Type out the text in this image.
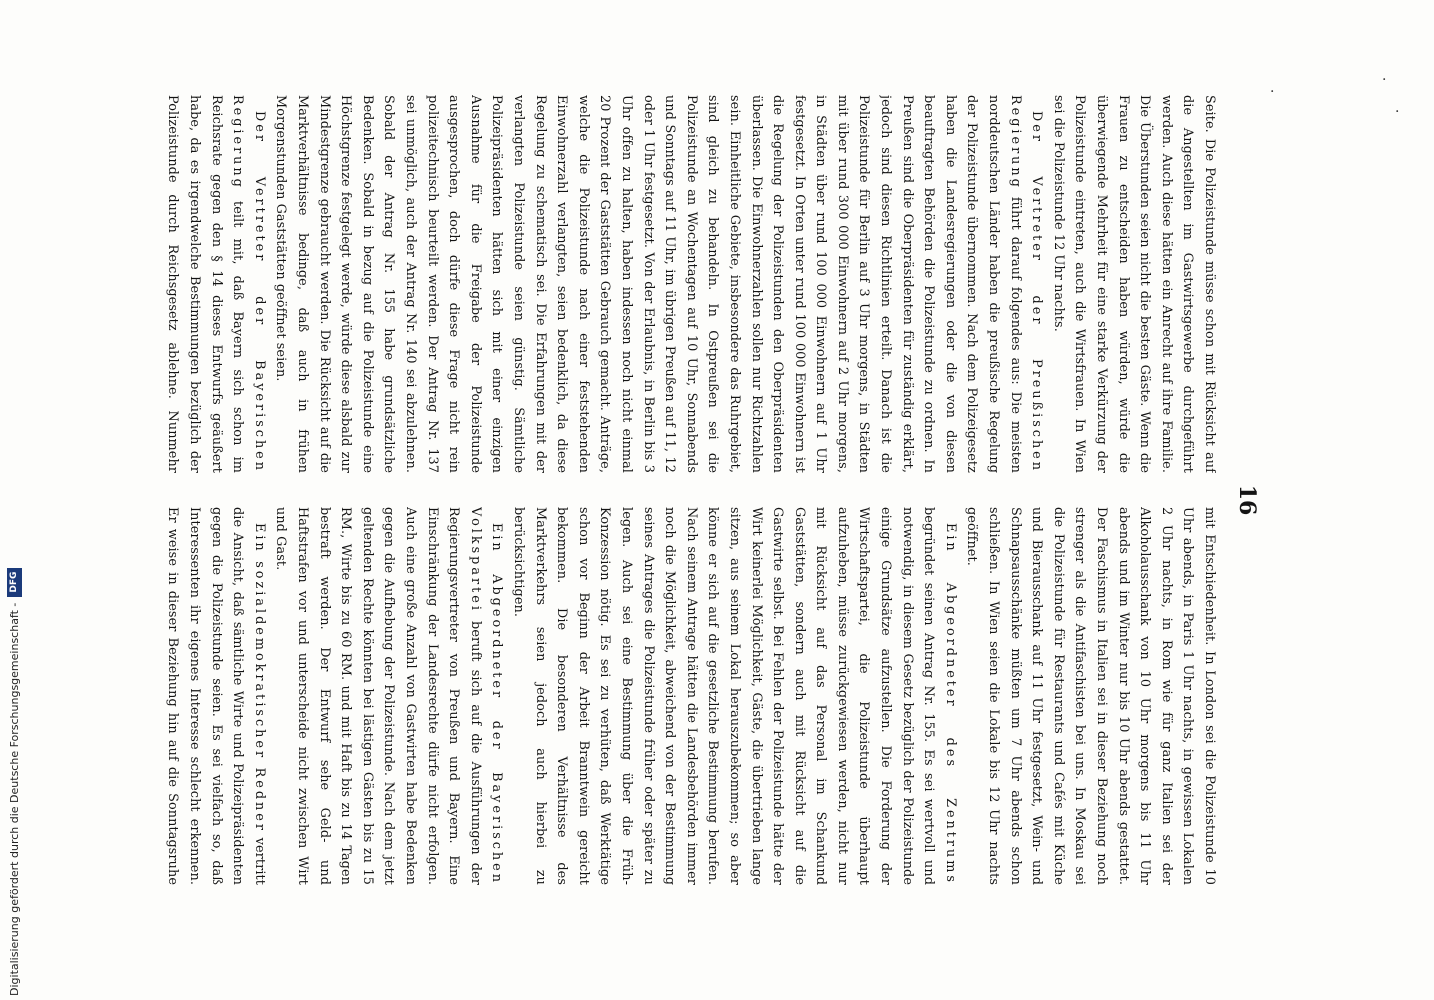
16

Seite. Die Polizeistunde müsse schon mit Rücksicht auf die Angestellten im Gastwirtsgewerbe durchgeführt werden. Auch diese hätten ein Anrecht auf ihre Familie. Die Überstunden seien nicht die besten Gäste. Wenn die Frauen zu entscheiden haben würden, würde die überwiegende Mehrheit für eine starke Verkürzung der Polizeistunde eintreten, auch die Wirtsfrauen. In Wien sei die Polizeistunde 12 Uhr nachts.

Der Vertreter der Preußischen Regierung führt darauf folgendes aus: Die meisten norddeutschen Länder haben die preußische Regelung der Polizeistunde übernommen. Nach dem Polizeigesetz haben die Landesregierungen oder die von diesen beauftragten Behörden die Polizeistunde zu ordnen. In Preußen sind die Oberpräsidenten für zuständig erklärt, jedoch sind diesen Richtlinien erteilt. Danach ist die Polizeistunde für Berlin auf 3 Uhr morgens, in Städten mit über rund 300 000 Einwohnern auf 2 Uhr morgens, in Städten über rund 100 000 Einwohnern auf 1 Uhr festgesetzt. In Orten unter rund 100 000 Einwohnern ist die Regelung der Polizeistunden den Oberpräsidenten überlassen. Die Einwohnerzahlen sollen nur Richtzahlen sein. Einheitliche Gebiete, insbesondere das Ruhrgebiet, sind gleich zu behandeln. In Ostpreußen sei die Polizeistunde an Wochentagen auf 10 Uhr, Sonnabends und Sonntags auf 11 Uhr, im übrigen Preußen auf 11, 12 oder 1 Uhr festgesetzt. Von der Erlaubnis, in Berlin bis 3 Uhr offen zu halten, haben indessen noch nicht einmal 20 Prozent der Gaststätten Gebrauch gemacht. Anträge, welche die Polizeistunde nach einer feststehenden Einwohnerzahl verlangten, seien bedenklich, da diese Regelung zu schematisch sei. Die Erfahrungen mit der verlangten Polizeistunde seien günstig. Sämtliche Polizeipräsidenten hätten sich mit einer einzigen Ausnahme für die Freigabe der Polizeistunde ausgesprochen, doch dürfe diese Frage nicht rein polizeitechnisch beurteilt werden. Der Antrag Nr. 137 sei unmöglich, auch der Antrag Nr. 140 sei abzulehnen. Sobald der Antrag Nr. 155 habe grundsätzliche Bedenken. Sobald in bezug auf die Polizeistunde eine Höchstgrenze festgelegt werde, würde diese alsbald zur Mindestgrenze gebraucht werden. Die Rücksicht auf die Marktverhältnisse bedinge, daß auch in frühen Morgenstunden Gaststätten geöffnet seien.

Der Vertreter der Bayerischen Regierung teilt mit, daß Bayern sich schon im Reichsrate gegen den § 14 dieses Entwurfs geäußert habe, da es irgendwelche Bestimmungen bezüglich der Polizeistunde durch Reichsgesetz ablehne. Nunmehr

mit Entschiedenheit. In London sei die Polizeistunde 10 Uhr abends, in Paris 1 Uhr nachts, in gewissen Lokalen 2 Uhr nachts, in Rom wie für ganz Italien sei der Alkoholausschank von 10 Uhr morgens bis 11 Uhr abends und im Winter nur bis 10 Uhr abends gestattet. Der Faschismus in Italien sei in dieser Beziehung noch strenger als die Antifaschisten bei uns. In Moskau sei die Polizeistunde für Restaurants und Cafés mit Küche und Bierausschank auf 11 Uhr festgesetzt, Wein- und Schnapsausschänke müßten um 7 Uhr abends schon schließen. In Wien seien die Lokale bis 12 Uhr nachts geöffnet.

Ein Abgeordneter des Zentrums begründet seinen Antrag Nr. 155. Es sei wertvoll und notwendig, in diesem Gesetz bezüglich der Polizeistunde einige Grundsätze aufzustellen. Die Forderung der Wirtschaftspartei, die Polizeistunde überhaupt aufzuheben, müsse zurückgewiesen werden, nicht nur mit Rücksicht auf das Personal im Schankund Gaststätten, sondern auch mit Rücksicht auf die Gastwirte selbst. Bei Fehlen der Polizeistunde hätte der Wirt keinerlei Möglichkeit, Gäste, die übertrieben lange sitzen, aus seinem Lokal herauszubekommen; so aber könne er sich auf die gesetzliche Bestimmung berufen. Nach seinem Antrage hätten die Landesbehörden immer noch die Möglichkeit, abweichend von der Bestimmung seines Antrages die Polizeistunde früher oder später zu legen. Auch sei eine Bestimmung über die Früh-Konzession nötig. Es sei zu verhüten, daß Werktätige schon vor Beginn der Arbeit Branntwein gereicht bekommen. Die besonderen Verhältnisse des Marktverkehrs seien jedoch auch hierbei zu berücksichtigen.

Ein Abgeordneter der Bayerischen Volkspartei beruft sich auf die Ausführungen der Regierungsvertreter von Preußen und Bayern. Eine Einschränkung der Landesrechte dürfe nicht erfolgen. Auch eine große Anzahl von Gastwirten habe Bedenken gegen die Aufhebung der Polizeistunde. Nach dem jetzt geltenden Rechte könnten bei lästigen Gästen bis zu 15 RM., Wirte bis zu 60 RM. und mit Haft bis zu 14 Tagen bestraft werden. Der Entwurf sehe Geld- und Haftstrafen vor und unterscheide nicht zwischen Wirt und Gast.

Ein sozialdemokratischer Redner vertritt die Ansicht, daß sämtliche Wirte und Polizeipräsidenten gegen die Polizeistunde seien. Es sei vielfach so, daß Interessenten ihr eigenes Interesse schlecht erkennen. Er weise in dieser Beziehung hin auf die Sonntagsruhe

·
·
·
Digitalisierung gefördert durch die Deutsche Forschungsgemeinschaft -
DFG
